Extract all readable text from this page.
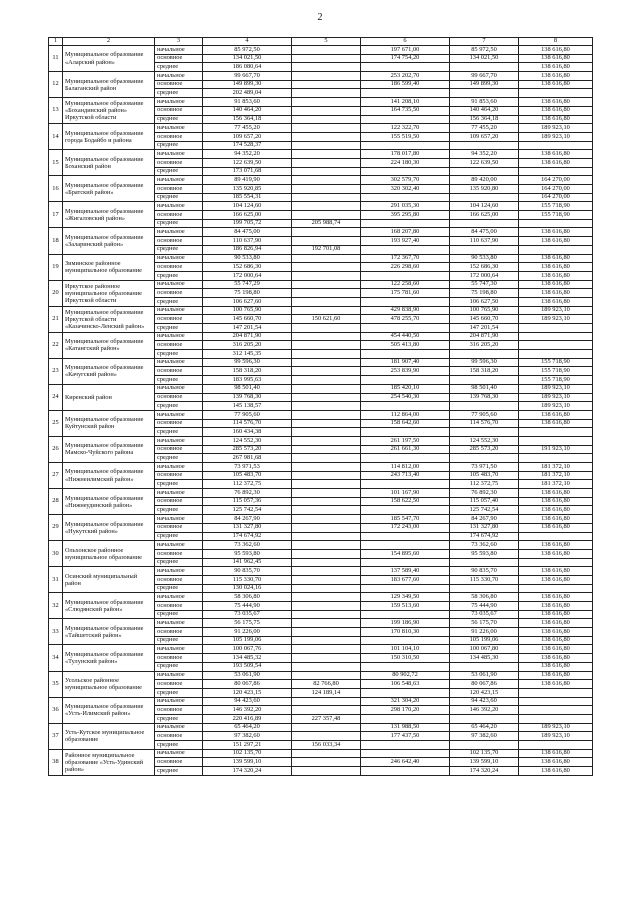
2
1	2	3	4	5	6	7	8
11	Муниципальное образование «Аларский район»	начальное	85 972,50		197 671,00	85 972,50	138 616,80
		основное	134 021,50		174 754,20	134 021,50	138 616,80
		среднее	186 080,64				138 616,80
12	Муниципальное образование Балаганский район	начальное	99 667,70		253 202,70	99 667,70	138 616,80
		основное	149 899,30		186 599,40	149 899,30	138 616,80
		среднее	202 489,04				
13	Муниципальное образование «Бохандинский район» Иркутской области	начальное	91 853,60		141 208,10	91 853,60	138 616,80
		основное	140 464,20		164 735,50	140 464,20	138 616,80
		среднее	156 364,18			156 364,18	138 616,80
14	Муниципальное образование города Бодайбо и района	начальное	77 455,20		122 322,70	77 455,20	189 923,10
		основное	109 657,20		155 519,50	109 657,20	189 923,10
		среднее	174 528,37				
15	Муниципальное образование Боханский район	начальное	94 352,20		178 017,80	94 352,20	138 616,80
		основное	122 639,50		224 180,30	122 639,50	138 616,80
		среднее	173 071,68				
16	Муниципальное образование «Братский район»	начальное	89 419,90		302 579,70	89 420,00	164 270,00
		основное	135 920,85		320 302,40	135 920,80	164 270,00
		среднее	185 554,31				164 270,00
17	Муниципальное образование «Жигаловский район»	начальное	104 124,60		291 035,30	104 124,60	155 718,90
		основное	166 625,00		395 295,80	166 625,00	155 718,90
		среднее	199 705,72	205 988,74			
18	Муниципальное образование «Заларинский район»	начальное	84 475,00		168 207,80	84 475,00	138 616,80
		основное	110 637,90		193 927,40	110 637,90	138 616,80
		среднее	186 826,94	192 701,08			
19	Зиминское районное муниципальное образование	начальное	90 533,80		172 367,70	90 533,80	138 616,80
		основное	152 686,30		226 298,60	152 686,30	138 616,80
		среднее	172 000,64			172 000,64	138 616,80
20	Иркутское районное муниципальное образование Иркутской области	начальное	55 747,29		122 258,60	55 747,30	138 616,80
		основное	75 198,80		175 781,60	75 198,80	138 616,80
		среднее	106 627,60			106 627,50	138 616,80
21	Муниципальное образование Иркутской области «Казачинско-Ленский район»	начальное	100 765,90		429 838,90	100 765,90	189 923,10
		основное	145 660,70	150 621,60	478 255,70	145 660,70	189 923,10
		среднее	147 201,54			147 201,54	
22	Муниципальное образование «Катангский район»	начальное	204 871,90		454 440,50	204 871,90	
		основное	316 205,20		505 413,80	316 205,20	
		среднее	312 145,35				
23	Муниципальное образование «Качугский район»	начальное	99 596,30		181 907,40	99 596,30	155 718,90
		основное	158 318,20		253 839,90	158 318,20	155 718,90
		среднее	183 995,63				155 718,90
24	Киренский район	начальное	98 501,40		185 420,10	98 501,40	189 923,10
		основное	139 768,30		254 540,30	139 768,30	189 923,10
		среднее	145 138,57				189 923,10
25	Муниципальное образование Куйтунский район	начальное	77 905,60		112 864,00	77 905,60	138 616,80
		основное	114 576,70		158 642,60	114 576,70	138 616,80
		среднее	160 434,38				
26	Муниципальное образование Мамско-Чуйского района	начальное	124 552,30		261 197,50	124 552,30	
		основное	285 573,20		261 661,30	285 573,20	191 923,10
		среднее	267 981,68				
27	Муниципальное образование «Нижнеилимский район»	начальное	73 971,53		114 812,00	73 971,50	181 372,10
		основное	105 483,70		243 713,40	105 483,70	181 372,10
		среднее	112 372,75			112 372,75	181 372,10
28	Муниципальное образование «Нижнеудинский район»	начальное	76 892,30		101 167,90	76 892,30	138 616,80
		основное	115 057,36		158 622,50	115 057,40	138 616,80
		среднее	125 742,54			125 742,54	138 616,80
29	Муниципальное образование «Нукутский район»	начальное	84 267,90		185 547,70	84 267,90	138 616,80
		основное	131 327,80		172 243,00	131 327,80	138 616,80
		среднее	174 674,92			174 674,92	
30	Ольхонское районное муниципальное образование	начальное	73 362,60			73 362,60	138 616,80
		основное	95 593,80		154 895,60	95 593,80	138 616,80
		среднее	141 962,45				
31	Осинский муниципальный район	начальное	90 835,70		137 589,40	90 835,70	138 616,80
		основное	115 330,70		183 677,60	115 330,70	138 616,80
		среднее	130 024,16				
32	Муниципальное образование «Слюдянский район»	начальное	58 306,80		129 349,50	58 306,80	138 616,80
		основное	75 444,90		159 513,60	75 444,90	138 616,80
		среднее	73 035,67			73 035,67	138 616,80
33	Муниципальное образование «Тайшетский район»	начальное	56 175,75		199 186,90	56 175,70	138 616,80
		основное	91 226,00		170 810,30	91 226,00	138 616,80
		среднее	105 199,06			105 199,06	138 616,80
34	Муниципальное образование «Тулунский район»	начальное	100 067,76		101 104,10	100 067,80	138 616,80
		основное	134 485,32		150 310,50	134 485,30	138 616,80
		среднее	193 509,54				138 616,80
35	Усольское районное муниципальное образование	начальное	53 061,90		80 902,72	53 061,90	138 616,80
		основное	80 067,86	82 766,80	106 548,63	80 067,86	138 616,80
		среднее	120 423,15	124 189,14		120 423,15	
36	Муниципальное образование «Усть-Илимский район»	начальное	94 423,60		321 304,20	94 423,60	
		основное	146 392,20		298 170,20	146 392,20	
		среднее	220 416,89	227 357,48			
37	Усть-Кутское муниципальное образование	начальное	65 464,20		131 988,50	65 464,20	189 923,10
		основное	97 382,60		177 437,50	97 382,60	189 923,10
		среднее	151 297,21	156 033,34			
38	Районное муниципальное образование «Усть-Удинский район»	начальное	102 135,70			102 135,70	138 616,80
		основное	139 599,10		246 642,40	139 599,10	138 616,80
		среднее	174 320,24			174 320,24	138 616,80
